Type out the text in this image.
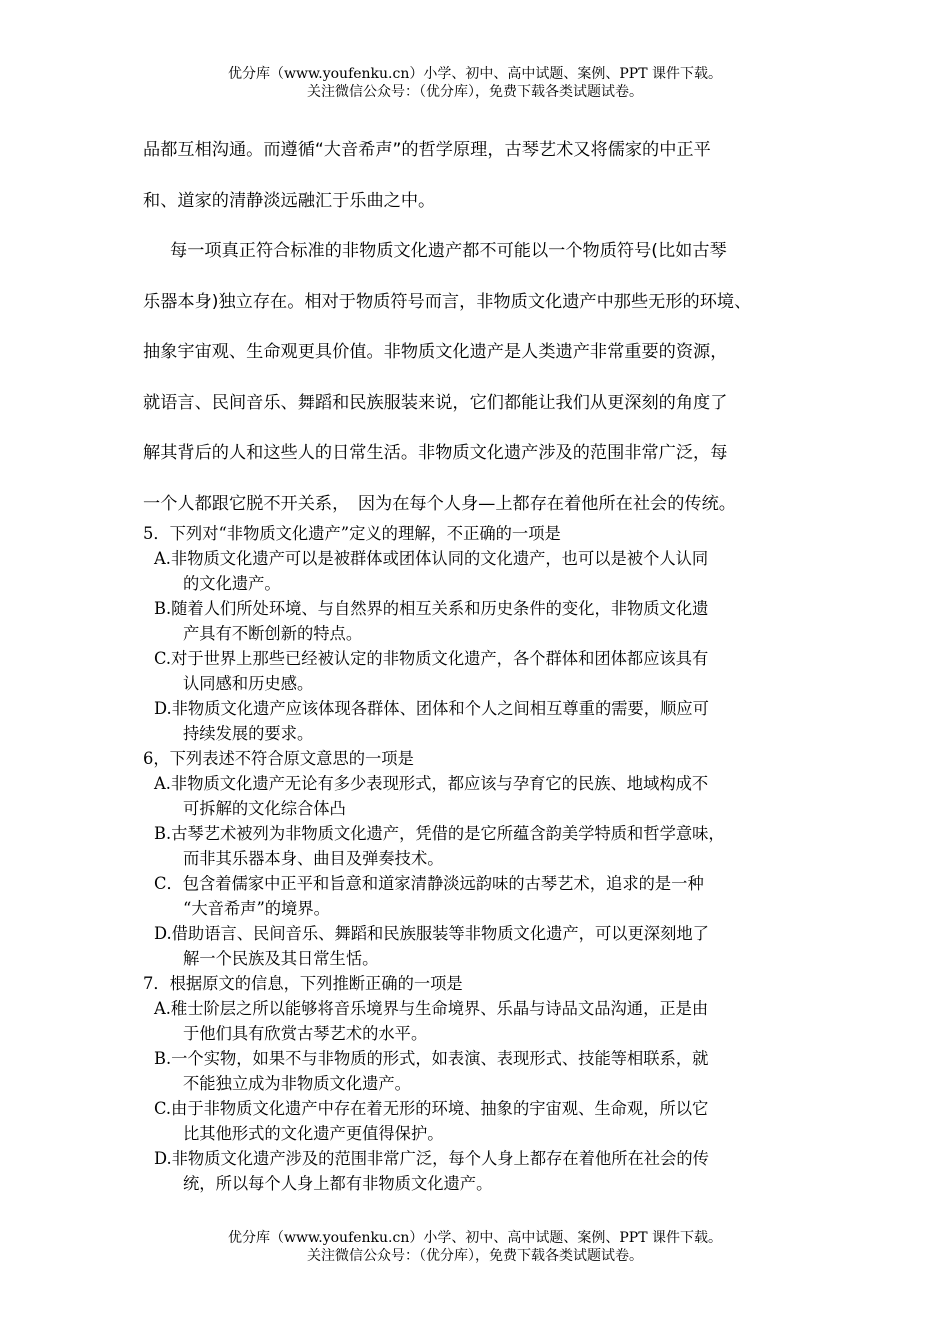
优分库（www.youfenku.cn）小学、初中、高中试题、案例、PPT 课件下载。
关注微信公众号：（优分库），免费下载各类试题试卷。
品都互相沟通。而遵循“大音希声”的哲学原理，古琴艺术又将儒家的中正平
和、道家的清静淡远融汇于乐曲之中。
每一项真正符合标准的非物质文化遗产都不可能以一个物质符号(比如古琴
乐器本身)独立存在。相对于物质符号而言，非物质文化遗产中那些无形的环境、
抽象宇宙观、生命观更具价值。非物质文化遗产是人类遗产非常重要的资源，
就语言、民间音乐、舞蹈和民族服装来说，它们都能让我们从更深刻的角度了
解其背后的人和这些人的日常生活。非物质文化遗产涉及的范围非常广泛，每
一个人都跟它脱不开关系，　因为在每个人身—上都存在着他所在社会的传统。
5．下列对“非物质文化遗产”定义的理解，不正确的一项是
A.非物质文化遗产可以是被群体或团体认同的文化遗产，也可以是被个人认同
的文化遗产。
B.随着人们所处环境、与自然界的相互关系和历史条件的变化，非物质文化遗
产具有不断创新的特点。
C.对于世界上那些已经被认定的非物质文化遗产，各个群体和团体都应该具有
认同感和历史感。
D.非物质文化遗产应该体现各群体、团体和个人之间相互尊重的需要，顺应可
持续发展的要求。
6，下列表述不符合原文意思的一项是
A.非物质文化遗产无论有多少表现形式，都应该与孕育它的民族、地域构成不
可拆解的文化综合体凸
B.古琴艺术被列为非物质文化遗产，凭借的是它所蕴含韵美学特质和哲学意味，
而非其乐器本身、曲目及弹奏技术。
C．包含着儒家中正平和旨意和道家清静淡远韵味的古琴艺术，追求的是一种
“大音希声”的境界。
D.借助语言、民间音乐、舞蹈和民族服装等非物质文化遗产，可以更深刻地了
解一个民族及其日常生恬。
7．根据原文的信息，下列推断正确的一项是
A.稚士阶层之所以能够将音乐境界与生命境界、乐晶与诗品文品沟通，正是由
于他们具有欣赏古琴艺术的水平。
B.一个实物，如果不与非物质的形式，如表演、表现形式、技能等相联系，就
不能独立成为非物质文化遗产。
C.由于非物质文化遗产中存在着无形的环境、抽象的宇宙观、生命观，所以它
比其他形式的文化遗产更值得保护。
D.非物质文化遗产涉及的范围非常广泛，每个人身上都存在着他所在社会的传
统，所以每个人身上都有非物质文化遗产。
优分库（www.youfenku.cn）小学、初中、高中试题、案例、PPT 课件下载。
关注微信公众号：（优分库），免费下载各类试题试卷。
